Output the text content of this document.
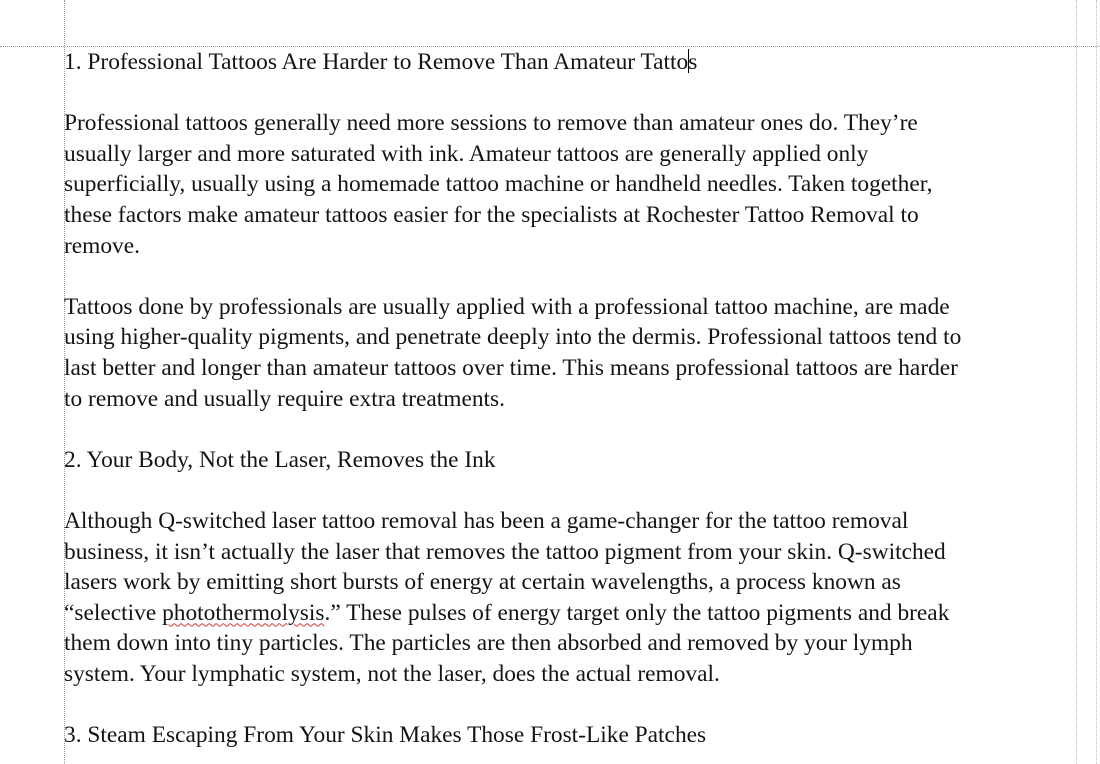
1. Professional Tattoos Are Harder to Remove Than Amateur Tattos
Professional tattoos generally need more sessions to remove than amateur ones do. They’re
usually larger and more saturated with ink. Amateur tattoos are generally applied only
superficially, usually using a homemade tattoo machine or handheld needles. Taken together,
these factors make amateur tattoos easier for the specialists at Rochester Tattoo Removal to
remove.
Tattoos done by professionals are usually applied with a professional tattoo machine, are made
using higher-quality pigments, and penetrate deeply into the dermis. Professional tattoos tend to
last better and longer than amateur tattoos over time. This means professional tattoos are harder
to remove and usually require extra treatments.
2. Your Body, Not the Laser, Removes the Ink
Although Q-switched laser tattoo removal has been a game-changer for the tattoo removal
business, it isn’t actually the laser that removes the tattoo pigment from your skin. Q-switched
lasers work by emitting short bursts of energy at certain wavelengths, a process known as
“selective photothermolysis.” These pulses of energy target only the tattoo pigments and break
them down into tiny particles. The particles are then absorbed and removed by your lymph
system. Your lymphatic system, not the laser, does the actual removal.
3. Steam Escaping From Your Skin Makes Those Frost-Like Patches
